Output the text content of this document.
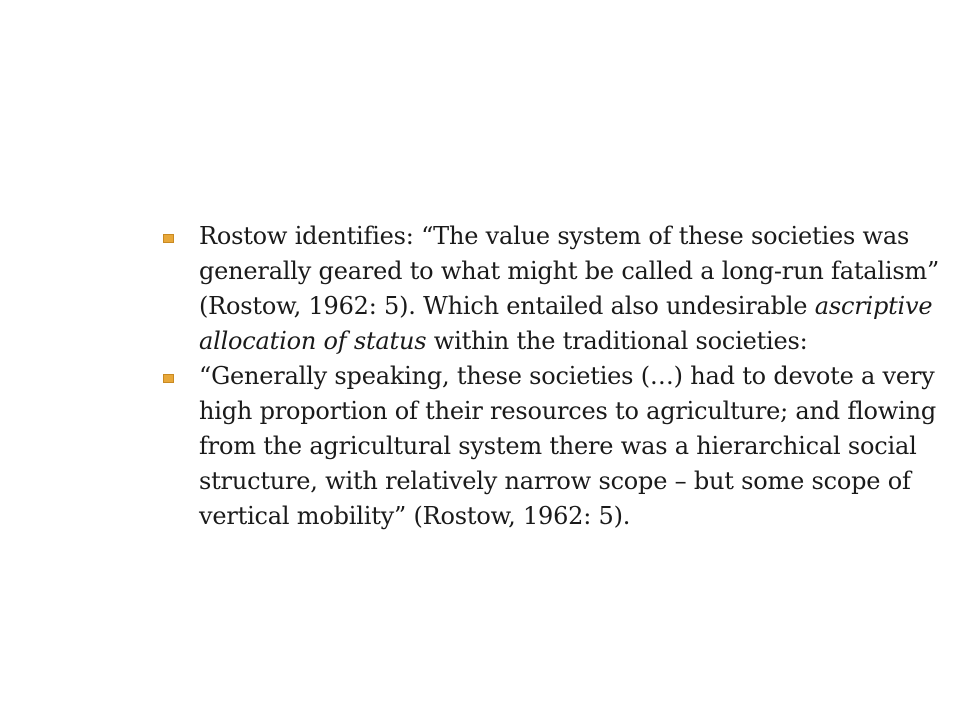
Rostow identifies: “The value system of these societies was generally geared to what might be called a long-run fatalism” (Rostow, 1962: 5). Which entailed also undesirable ascriptive allocation of status within the traditional societies:
“Generally speaking, these societies (…) had to devote a very high proportion of their resources to agriculture; and flowing from the agricultural system there was a hierarchical social structure, with relatively narrow scope – but some scope of vertical mobility” (Rostow, 1962: 5).
